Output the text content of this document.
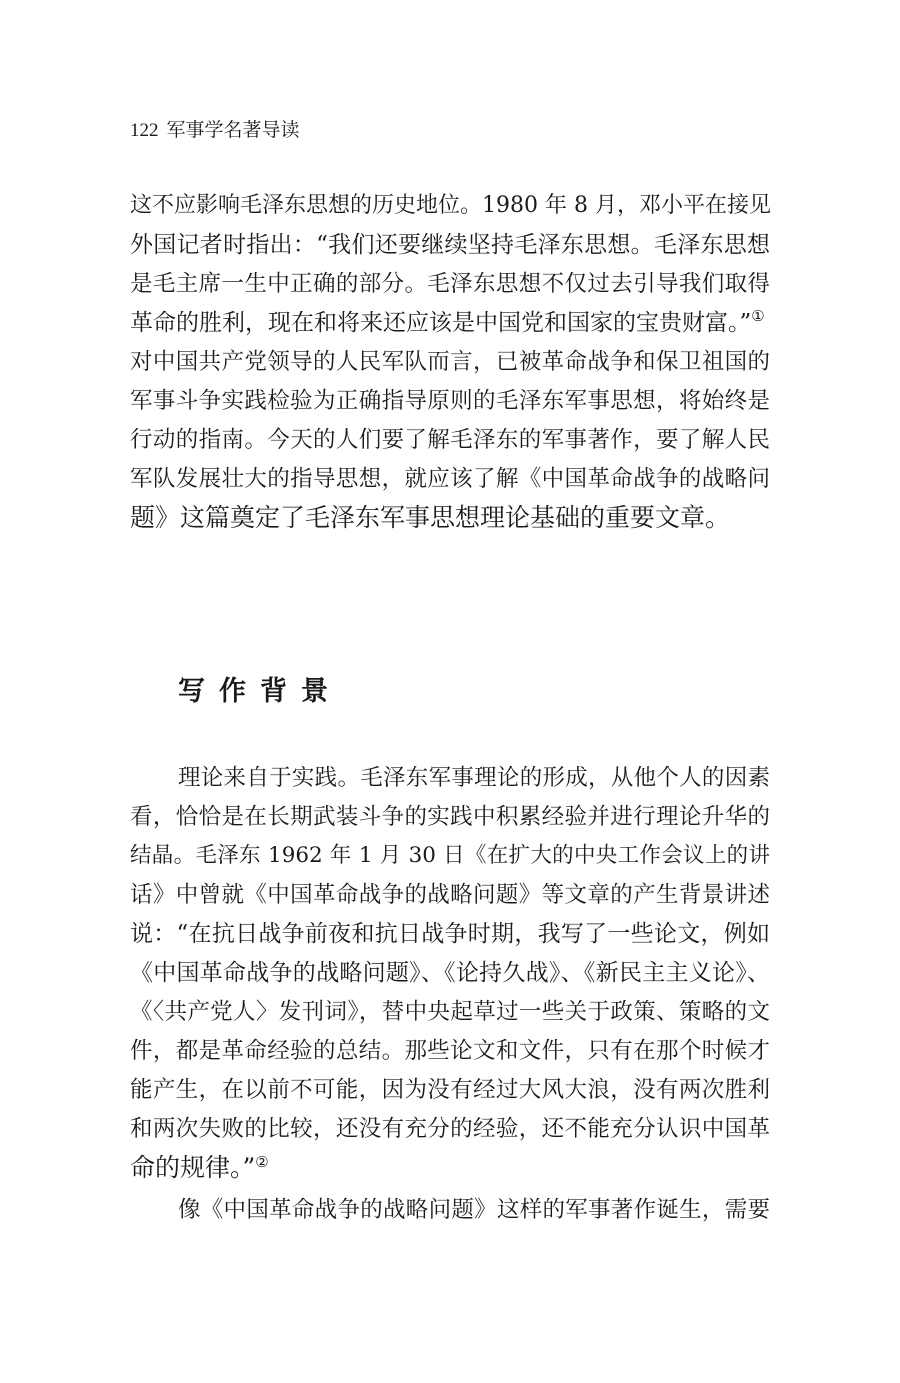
122 军事学名著导读
这不应影响毛泽东思想的历史地位。1980 年 8 月，邓小平在接见
外国记者时指出：“我们还要继续坚持毛泽东思想。毛泽东思想
是毛主席一生中正确的部分。毛泽东思想不仅过去引导我们取得
革命的胜利，现在和将来还应该是中国党和国家的宝贵财富。”①
对中国共产党领导的人民军队而言，已被革命战争和保卫祖国的
军事斗争实践检验为正确指导原则的毛泽东军事思想，将始终是
行动的指南。今天的人们要了解毛泽东的军事著作，要了解人民
军队发展壮大的指导思想，就应该了解《中国革命战争的战略问
题》这篇奠定了毛泽东军事思想理论基础的重要文章。
写作背景
理论来自于实践。毛泽东军事理论的形成，从他个人的因素
看，恰恰是在长期武装斗争的实践中积累经验并进行理论升华的
结晶。毛泽东 1962 年 1 月 30 日《在扩大的中央工作会议上的讲
话》中曾就《中国革命战争的战略问题》等文章的产生背景讲述
说：“在抗日战争前夜和抗日战争时期，我写了一些论文，例如
《中国革命战争的战略问题》、《论持久战》、《新民主主义论》、
《〈共产党人〉发刊词》，替中央起草过一些关于政策、策略的文
件，都是革命经验的总结。那些论文和文件，只有在那个时候才
能产生，在以前不可能，因为没有经过大风大浪，没有两次胜利
和两次失败的比较，还没有充分的经验，还不能充分认识中国革
命的规律。”②
像《中国革命战争的战略问题》这样的军事著作诞生，需要
